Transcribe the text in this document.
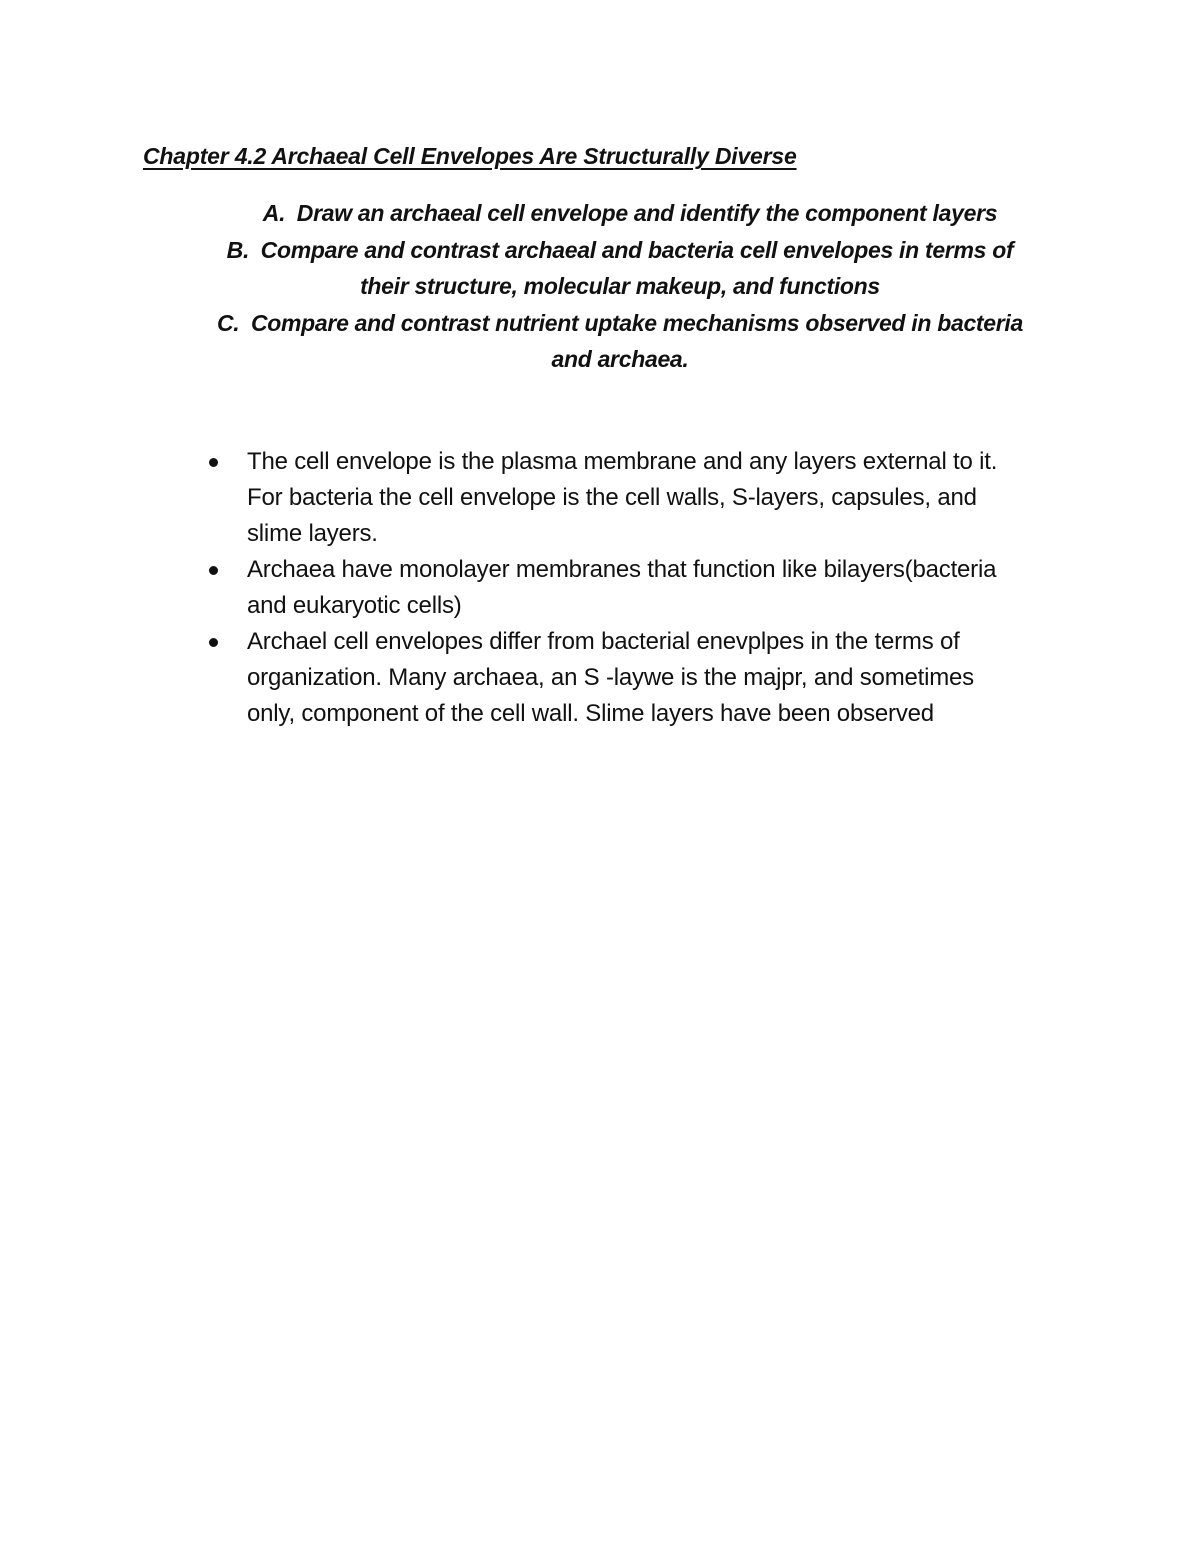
Chapter 4.2 Archaeal Cell Envelopes Are Structurally Diverse
A. Draw an archaeal cell envelope and identify the component layers
B. Compare and contrast archaeal and bacteria cell envelopes in terms of
their structure, molecular makeup, and functions
C. Compare and contrast nutrient uptake mechanisms observed in bacteria
and archaea.
The cell envelope is the plasma membrane and any layers external to it.
For bacteria the cell envelope is the cell walls, S-layers, capsules, and
slime layers.
Archaea have monolayer membranes that function like bilayers(bacteria
and eukaryotic cells)
Archael cell envelopes differ from bacterial enevplpes in the terms of
organization. Many archaea, an S -laywe is the majpr, and sometimes
only, component of the cell wall. Slime layers have been observed
